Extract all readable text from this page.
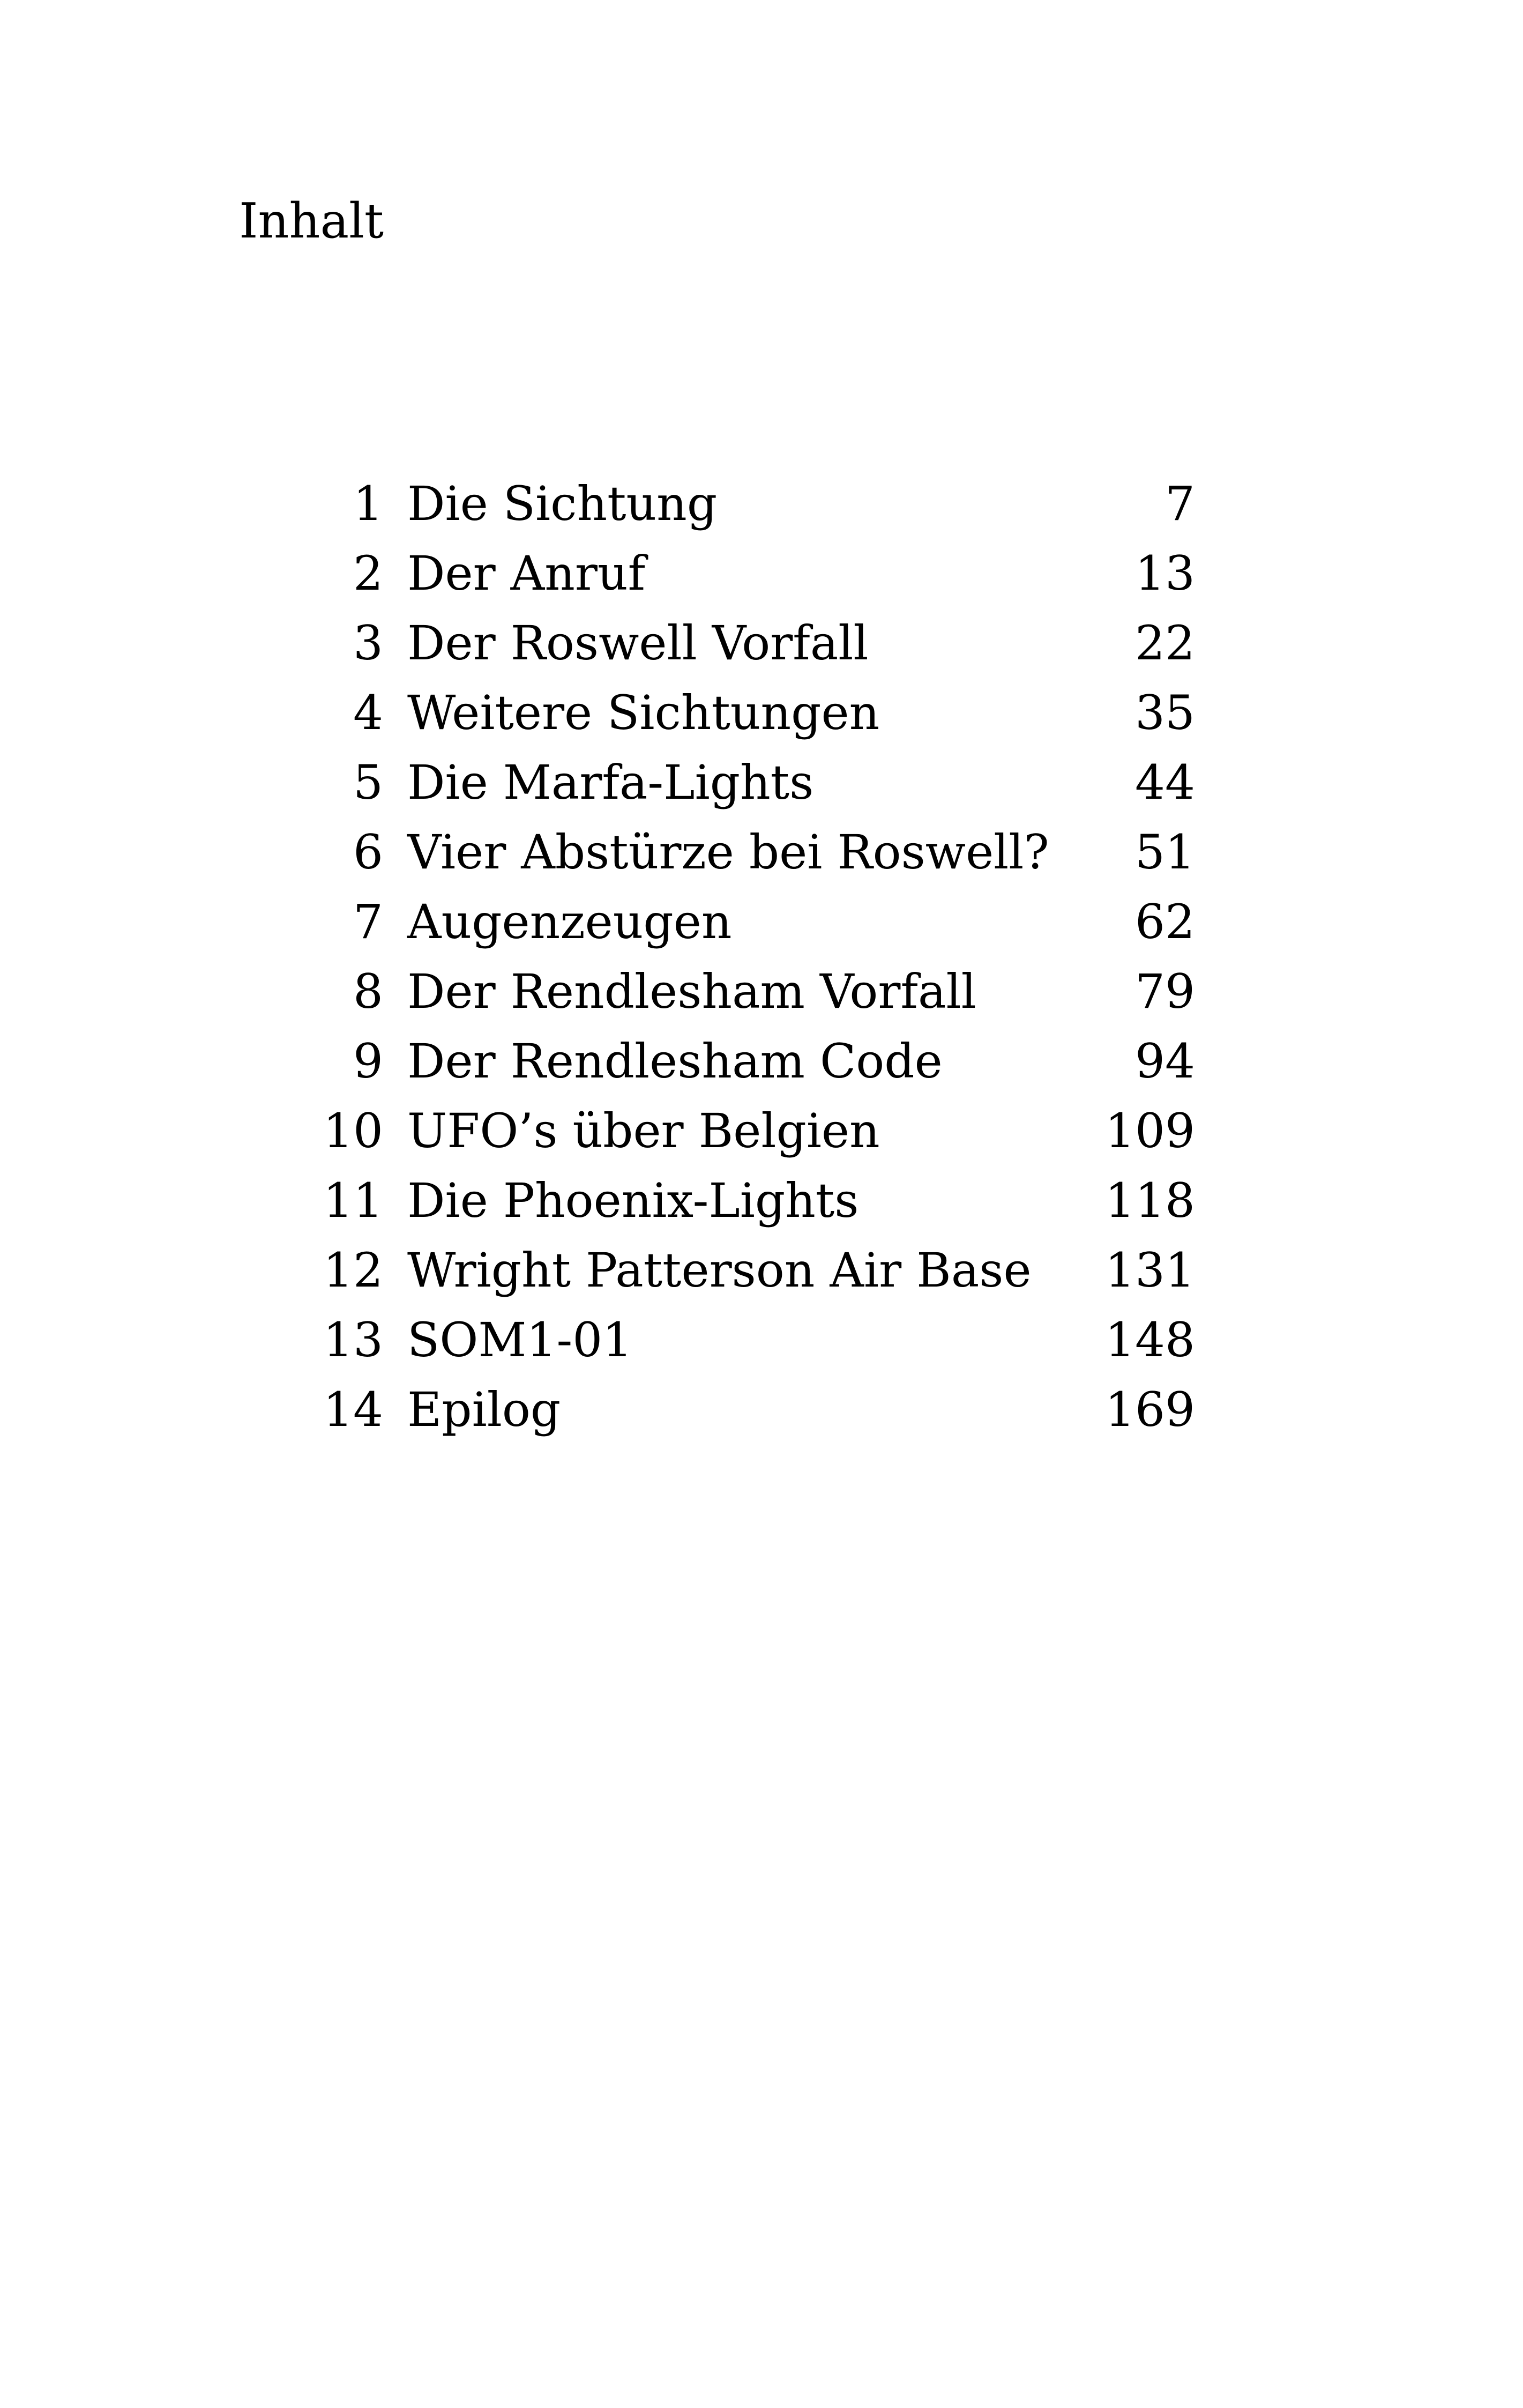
Inhalt
1 Die Sichtung	7
2 Der Anruf	13
3 Der Roswell Vorfall	22
4 Weitere Sichtungen	35
5 Die Marfa-Lights	44
6 Vier Abstürze bei Roswell? 51
7 Augenzeugen	62
8 Der Rendlesham Vorfall	79
9 Der Rendlesham Code	94
10 UFO’s über Belgien	109
11 Die Phoenix-Lights	118
12 Wright Patterson Air Base 131
13 SOM1-01	148
14 Epilog	169
